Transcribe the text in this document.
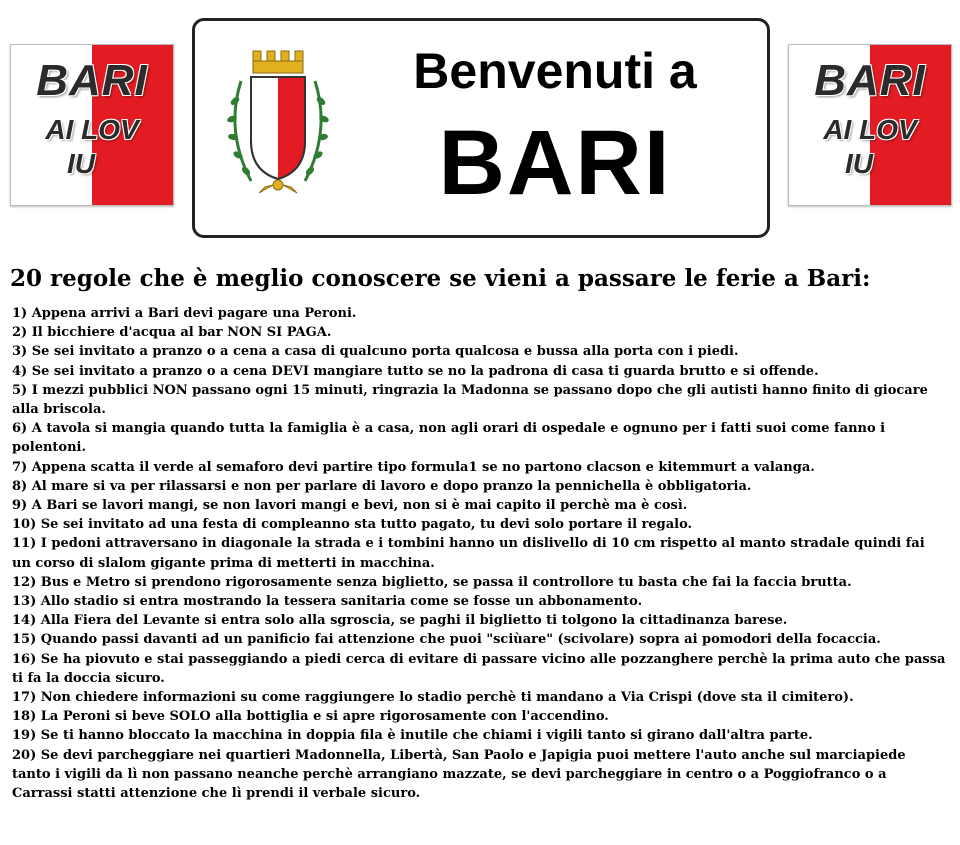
BARI
AI LOV
IU
Benvenuti a
BARI
BARI
AI LOV
IU
20 regole che è meglio conoscere se vieni a passare le ferie a Bari:
1) Appena arrivi a Bari devi pagare una Peroni.
2) Il bicchiere d'acqua al bar NON SI PAGA.
3) Se sei invitato a pranzo o a cena a casa di qualcuno porta qualcosa e bussa alla porta con i piedi.
4) Se sei invitato a pranzo o a cena DEVI mangiare tutto se no la padrona di casa ti guarda brutto e si offende.
5) I mezzi pubblici NON passano ogni 15 minuti, ringrazia la Madonna se passano dopo che gli autisti hanno finito di giocare alla briscola.
6) A tavola si mangia quando tutta la famiglia è a casa, non agli orari di ospedale e ognuno per i fatti suoi come fanno i polentoni.
7) Appena scatta il verde al semaforo devi partire tipo formula1 se no partono clacson e kitemmurt a valanga.
8) Al mare si va per rilassarsi e non per parlare di lavoro e dopo pranzo la pennichella è obbligatoria.
9) A Bari se lavori mangi, se non lavori mangi e bevi, non si è mai capito il perchè ma è così.
10) Se sei invitato ad una festa di compleanno sta tutto pagato, tu devi solo portare il regalo.
11) I pedoni attraversano in diagonale la strada e i tombini hanno un dislivello di 10 cm rispetto al manto stradale quindi fai un corso di slalom gigante prima di metterti in macchina.
12) Bus e Metro si prendono rigorosamente senza biglietto, se passa il controllore tu basta che fai la faccia brutta.
13) Allo stadio si entra mostrando la tessera sanitaria come se fosse un abbonamento.
14) Alla Fiera del Levante si entra solo alla sgroscia, se paghi il biglietto ti tolgono la cittadinanza barese.
15) Quando passi davanti ad un panificio fai attenzione che puoi "sciùare" (scivolare) sopra ai pomodori della focaccia.
16) Se ha piovuto e stai passeggiando a piedi cerca di evitare di passare vicino alle pozzanghere perchè la prima auto che passa ti fa la doccia sicuro.
17) Non chiedere informazioni su come raggiungere lo stadio perchè ti mandano a Via Crispi (dove sta il cimitero).
18) La Peroni si beve SOLO alla bottiglia e si apre rigorosamente con l'accendino.
19) Se ti hanno bloccato la macchina in doppia fila è inutile che chiami i vigili tanto si girano dall'altra parte.
20) Se devi parcheggiare nei quartieri Madonnella, Libertà, San Paolo e Japigia puoi mettere l'auto anche sul marciapiede tanto i vigili da lì non passano neanche perchè arrangiano mazzate, se devi parcheggiare in centro o a Poggiofranco o a Carrassi statti attenzione che lì prendi il verbale sicuro.
